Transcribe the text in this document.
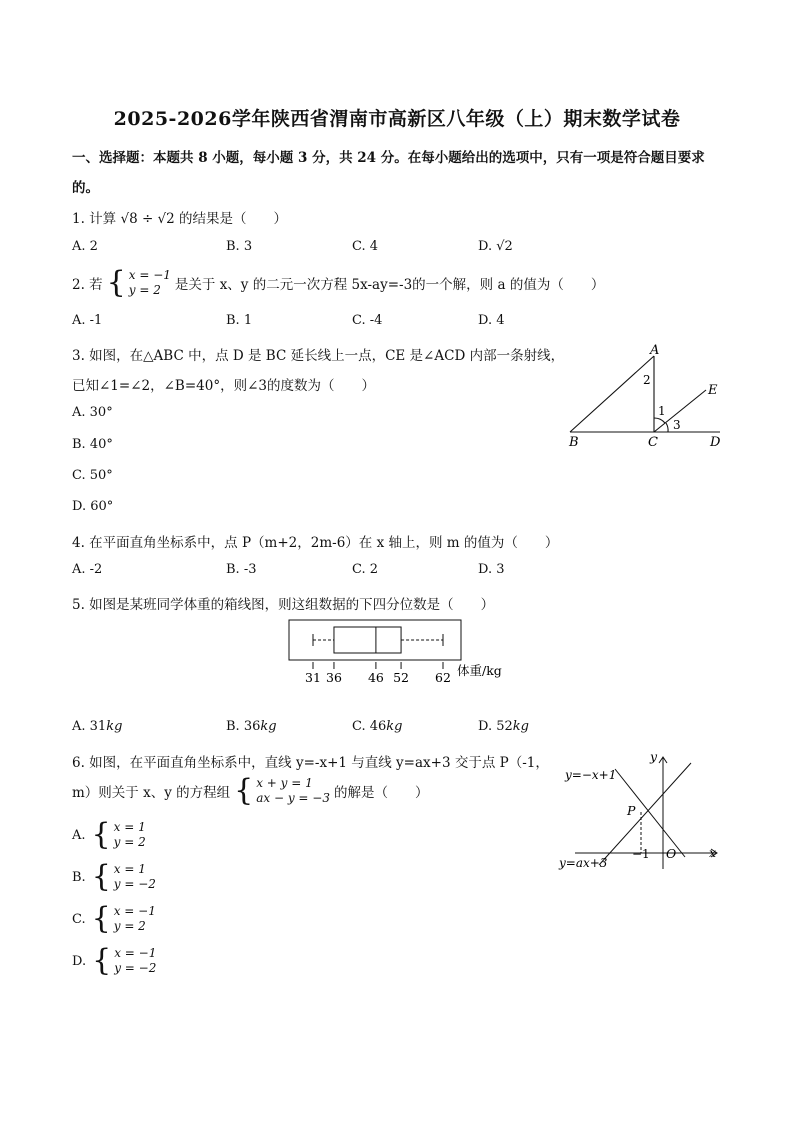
2025-2026学年陕西省渭南市高新区八年级（上）期末数学试卷
一、选择题：本题共 8 小题，每小题 3 分，共 24 分。在每小题给出的选项中，只有一项是符合题目要求
的。
1. 计算 √8 ÷ √2 的结果是（　　）
A. 2	B. 3	C. 4	D. √2
2. 若 { x = −1
y = 2	是关于 x、y 的二元一次方程 5x-ay=-3的一个解，则 a 的值为（　　）
A. -1	B. 1	C. -4	D. 4
3. 如图，在△ABC 中，点 D 是 BC 延长线上一点，CE 是∠ACD 内部一条射线，
已知∠1=∠2，∠B=40°，则∠3的度数为（　　）
A. 30°
B. 40°
C. 50°
D. 60°
A
B	C	D
E
2
1
3
4. 在平面直角坐标系中，点 P（m+2，2m-6）在 x 轴上，则 m 的值为（　　）
A. -2	B. -3	C. 2	D. 3
5. 如图是某班同学体重的箱线图，则这组数据的下四分位数是（　　）
31 36 46 52 62 体重/kg
A. 31kg	B. 36kg	C. 46kg	D. 52kg
6. 如图，在平面直角坐标系中，直线 y=-x+1 与直线 y=ax+3 交于点 P（-1，
m）则关于 x、y 的方程组 { x + y = 1
ax − y = −3 的解是（　　）
A. { x = 1
y = 2
B. { x = 1
y = −2
C. { x = −1
y = 2
D. { x = −1
y = −2
y
x
O
P
−1
y=−x+1
y=ax+3
